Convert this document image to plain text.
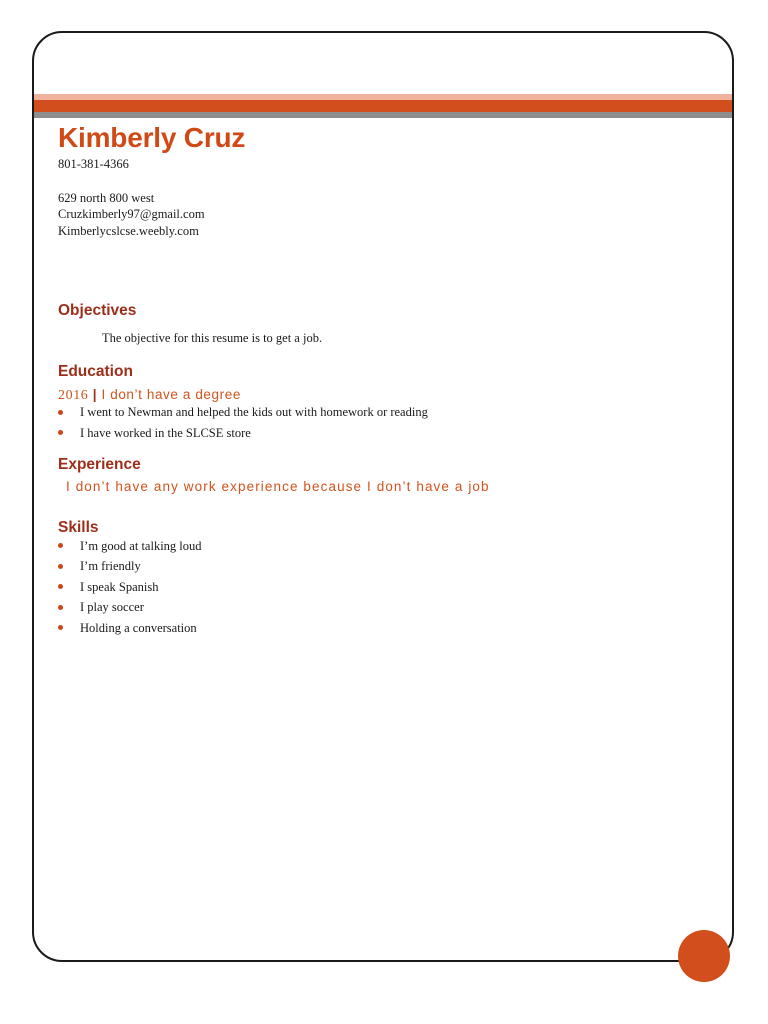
Kimberly Cruz

801-381-4366

629 north 800 west

Cruzkimberly97@gmail.com

Kimberlycslcse.weebly.com

Objectives

The objective for this resume is to get a job.

Education

2016 | I don’t have a degree

I went to Newman and helped the kids out with homework or reading
I have worked in the SLCSE store
Experience

I don’t have any work experience because I don’t have a job

Skills
I’m good at talking loud
I’m friendly
I speak Spanish
I play soccer
Holding a conversation
